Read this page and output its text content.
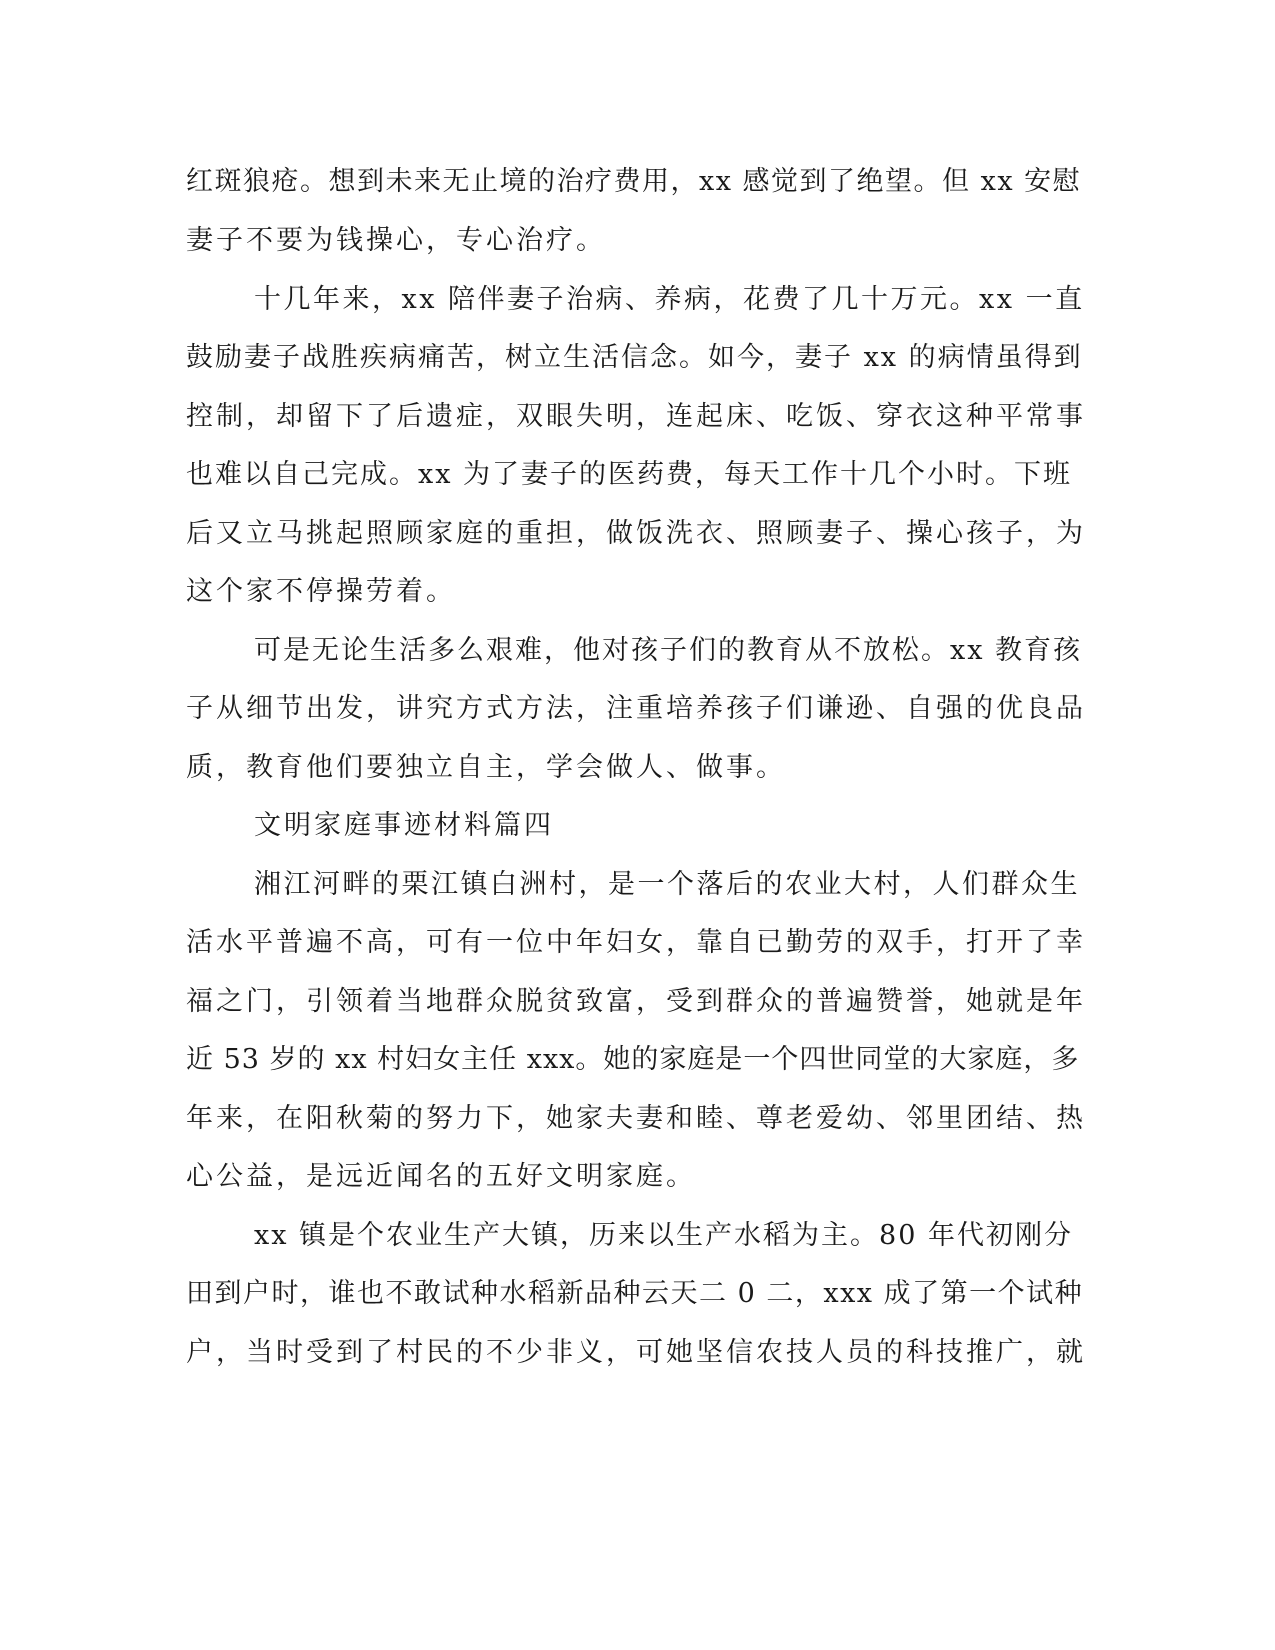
红斑狼疮。想到未来无止境的治疗费用，xx 感觉到了绝望。但 xx 安慰
妻子不要为钱操心，专心治疗。
十几年来，xx 陪伴妻子治病、养病，花费了几十万元。xx 一直
鼓励妻子战胜疾病痛苦，树立生活信念。如今，妻子 xx 的病情虽得到
控制，却留下了后遗症，双眼失明，连起床、吃饭、穿衣这种平常事
也难以自己完成。xx 为了妻子的医药费，每天工作十几个小时。下班
后又立马挑起照顾家庭的重担，做饭洗衣、照顾妻子、操心孩子，为
这个家不停操劳着。
可是无论生活多么艰难，他对孩子们的教育从不放松。xx 教育孩
子从细节出发，讲究方式方法，注重培养孩子们谦逊、自强的优良品
质，教育他们要独立自主，学会做人、做事。
文明家庭事迹材料篇四
湘江河畔的栗江镇白洲村，是一个落后的农业大村，人们群众生
活水平普遍不高，可有一位中年妇女，靠自已勤劳的双手，打开了幸
福之门，引领着当地群众脱贫致富，受到群众的普遍赞誉，她就是年
近 53 岁的 xx 村妇女主任 xxx。她的家庭是一个四世同堂的大家庭，多
年来，在阳秋菊的努力下，她家夫妻和睦、尊老爱幼、邻里团结、热
心公益，是远近闻名的五好文明家庭。
xx 镇是个农业生产大镇，历来以生产水稻为主。80 年代初刚分
田到户时，谁也不敢试种水稻新品种云天二 0 二，xxx 成了第一个试种
户，当时受到了村民的不少非义，可她坚信农技人员的科技推广，就
